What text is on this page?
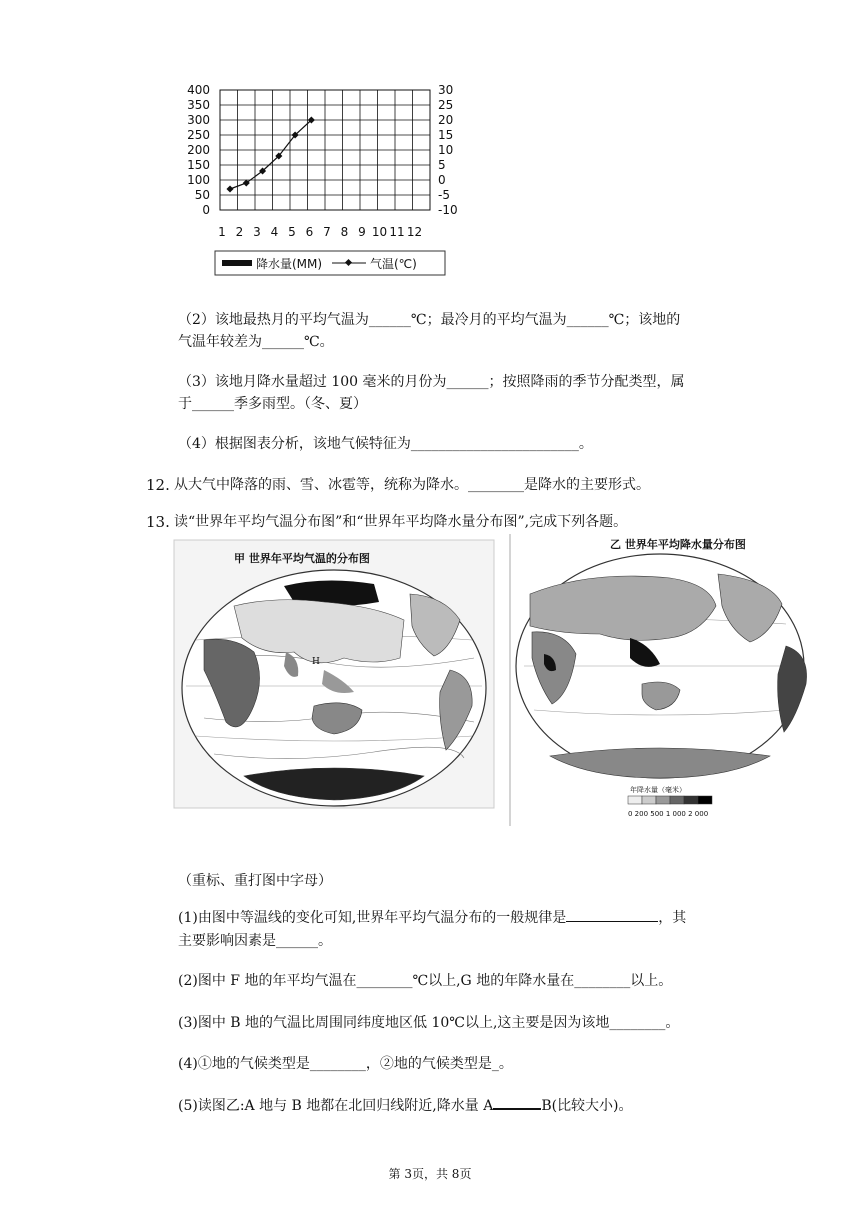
400
350
300
250
200
150
100
50
0
30
25
20
15
10
5
0
-5
-10
1 2 3 4 5 6 7 8 9 10 11 12
降水量(MM)	气温(℃)
（2）该地最热月的平均气温为______℃；最冷月的平均气温为______℃；该地的
气温年较差为______℃。
（3）该地月降水量超过 100 毫米的月份为______；按照降雨的季节分配类型，属
于______季多雨型。（冬、夏）
（4）根据图表分析，该地气候特征为________________________。
12. 从大气中降落的雨、雪、冰雹等，统称为降水。________是降水的主要形式。
13. 读“世界年平均气温分布图”和“世界年平均降水量分布图”,完成下列各题。
甲 世界年平均气温的分布图
H
乙 世界年平均降水量分布图
年降水量（毫米）
0 200 500 1 000 2 000
（重标、重打图中字母）
(1)由图中等温线的变化可知,世界年平均气温分布的一般规律是	，其
主要影响因素是______。
(2)图中 F 地的年平均气温在________℃以上,G 地的年降水量在________以上。
(3)图中 B 地的气温比周围同纬度地区低 10℃以上,这主要是因为该地________。
(4)①地的气候类型是________，②地的气候类型是_。
(5)读图乙:A 地与 B 地都在北回归线附近,降水量 A	B(比较大小)。
第 3页，共 8页
